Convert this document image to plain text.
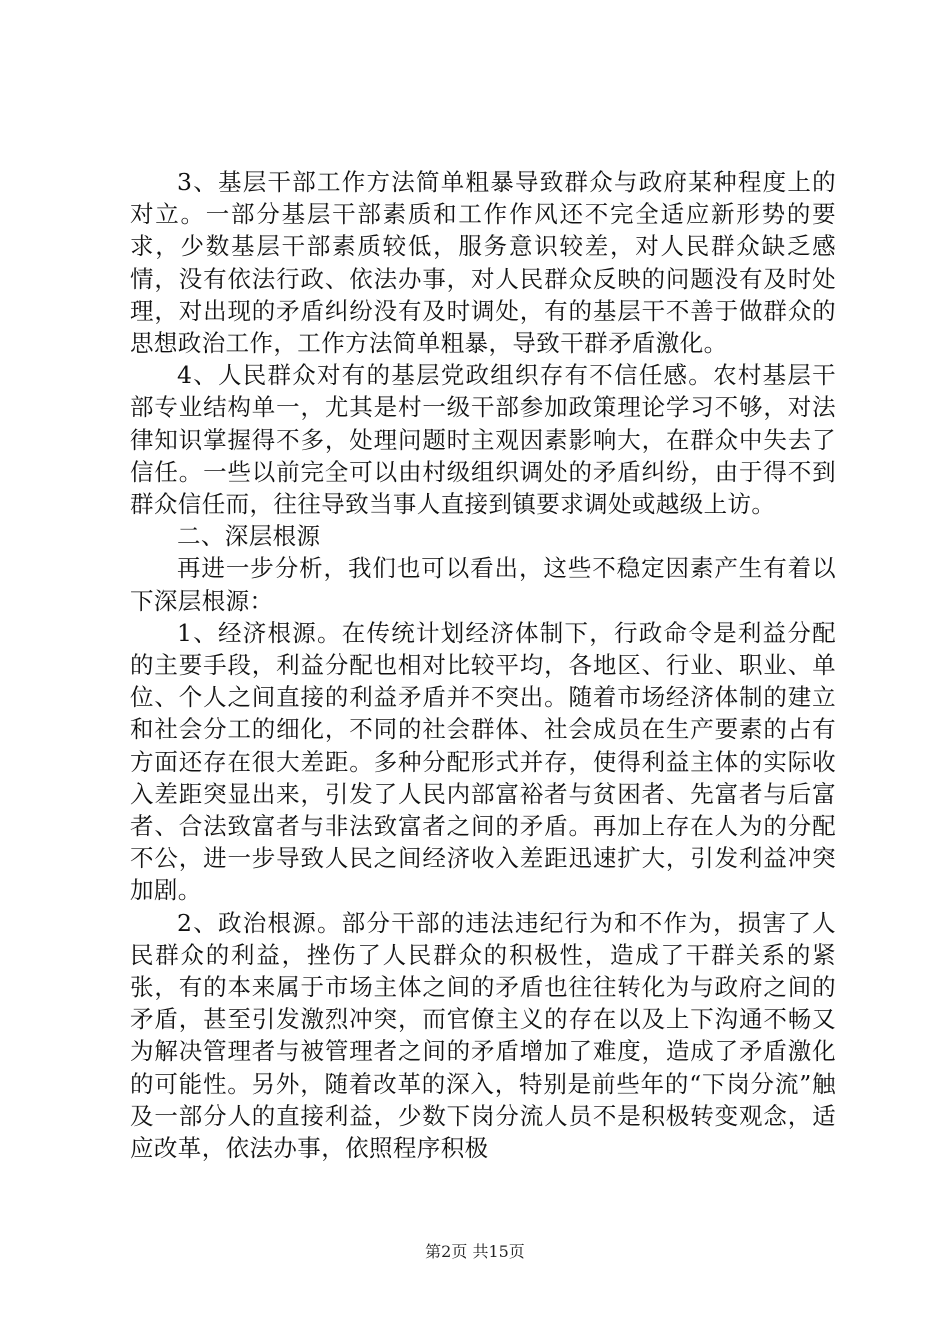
3、基层干部工作方法简单粗暴导致群众与政府某种程度上的对立。一部分基层干部素质和工作作风还不完全适应新形势的要求，少数基层干部素质较低，服务意识较差，对人民群众缺乏感情，没有依法行政、依法办事，对人民群众反映的问题没有及时处理，对出现的矛盾纠纷没有及时调处，有的基层干不善于做群众的思想政治工作，工作方法简单粗暴，导致干群矛盾激化。

4、人民群众对有的基层党政组织存有不信任感。农村基层干部专业结构单一，尤其是村一级干部参加政策理论学习不够，对法律知识掌握得不多，处理问题时主观因素影响大，在群众中失去了信任。一些以前完全可以由村级组织调处的矛盾纠纷，由于得不到群众信任而，往往导致当事人直接到镇要求调处或越级上访。

二、深层根源

再进一步分析，我们也可以看出，这些不稳定因素产生有着以下深层根源：

1、经济根源。在传统计划经济体制下，行政命令是利益分配的主要手段，利益分配也相对比较平均，各地区、行业、职业、单位、个人之间直接的利益矛盾并不突出。随着市场经济体制的建立和社会分工的细化，不同的社会群体、社会成员在生产要素的占有方面还存在很大差距。多种分配形式并存，使得利益主体的实际收入差距突显出来，引发了人民内部富裕者与贫困者、先富者与后富者、合法致富者与非法致富者之间的矛盾。再加上存在人为的分配不公，进一步导致人民之间经济收入差距迅速扩大，引发利益冲突加剧。

2、政治根源。部分干部的违法违纪行为和不作为，损害了人民群众的利益，挫伤了人民群众的积极性，造成了干群关系的紧张，有的本来属于市场主体之间的矛盾也往往转化为与政府之间的矛盾，甚至引发激烈冲突，而官僚主义的存在以及上下沟通不畅又为解决管理者与被管理者之间的矛盾增加了难度，造成了矛盾激化的可能性。另外，随着改革的深入，特别是前些年的“下岗分流”触及一部分人的直接利益，少数下岗分流人员不是积极转变观念，适应改革，依法办事，依照程序积极

第2页 共15页
